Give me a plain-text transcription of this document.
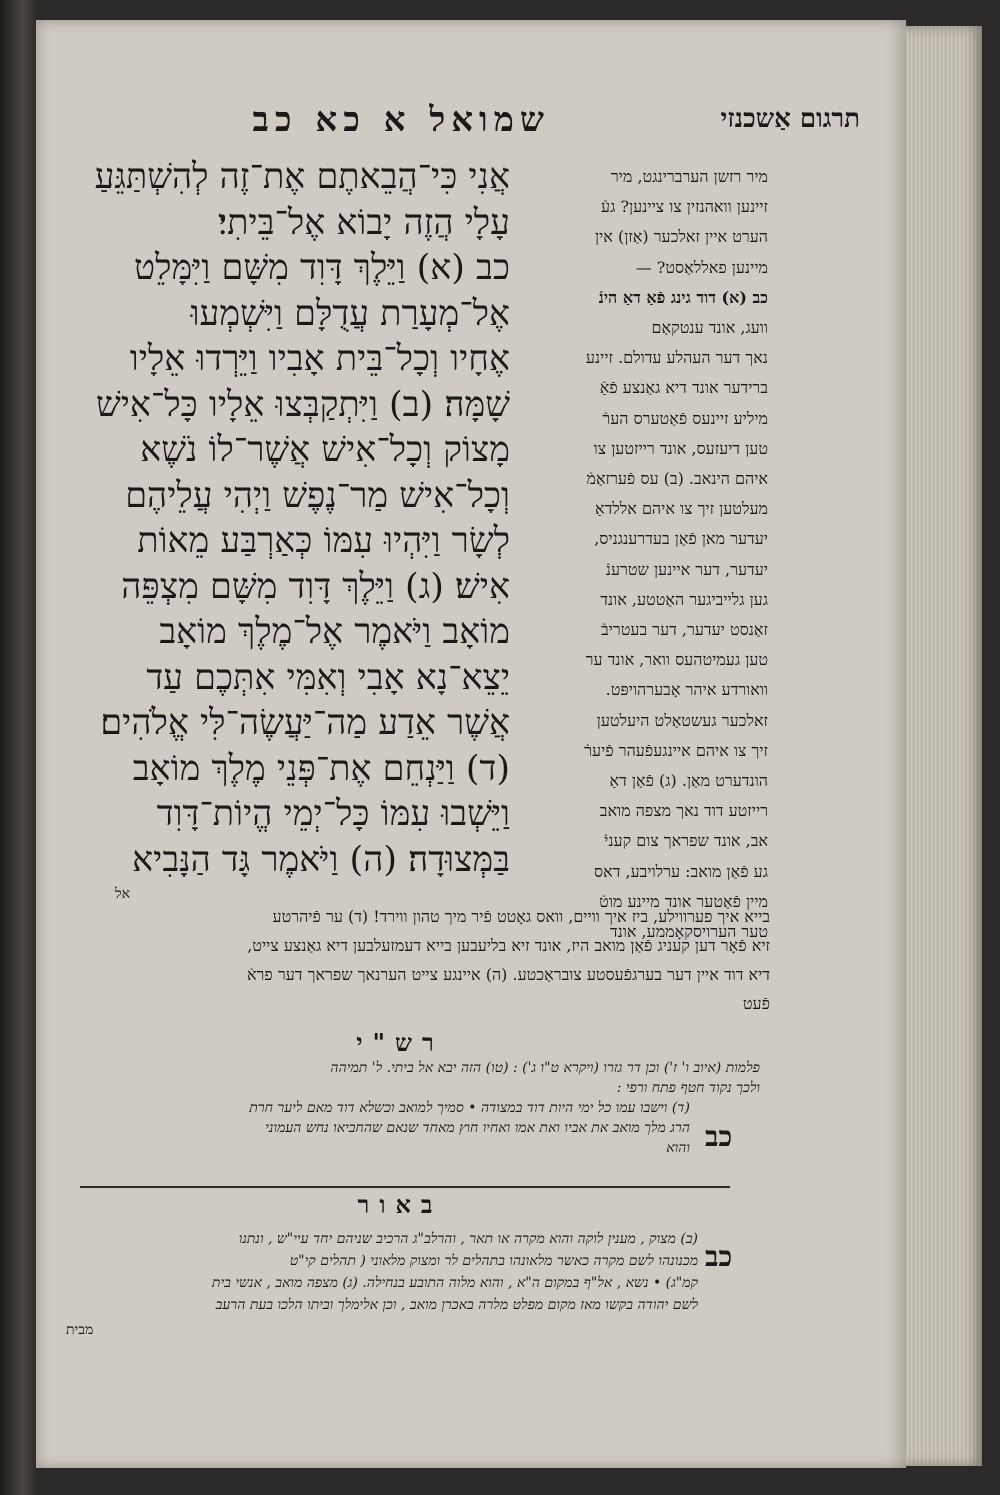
תרגום אַשכנזי
שמואל א כא כב
אֲנִי כִּי־הֲבֵאתֶם אֶת־זֶה לְהִשְׁתַּגֵּעַ
עָלָי הֲזֶה יָבוֹא אֶל־בֵּיתִי׃
כב (א) וַיֵּלֶךְ דָּוִד מִשָּׁם וַיִּמָּלֵט
אֶל־מְעָרַת עֲדֻלָּם וַיִּשְׁמְעוּ
אֶחָיו וְכָל־בֵּית אָבִיו וַיֵּרְדוּ אֵלָיו
שָׁמָּה׃ (ב) וַיִּתְקַבְּצוּ אֵלָיו כָּל־אִישׁ
מָצוֹק וְכָל־אִישׁ אֲשֶׁר־לוֹ נֹשֶׁא
וְכָל־אִישׁ מַר־נֶפֶשׁ וַיְהִי עֲלֵיהֶם
לְשָׂר וַיִּהְיוּ עִמּוֹ כְּאַרְבַּע מֵאוֹת
אִישׁ׃ (ג) וַיֵּלֶךְ דָּוִד מִשָּׁם מִצְפֵּה
מוֹאָב וַיֹּאמֶר אֶל־מֶלֶךְ מוֹאָב
יֵצֵא־נָא אָבִי וְאִמִּי אִתְּכֶם עַד
אֲשֶׁר אֵדַע מַה־יַּעֲשֶׂה־לִּי אֱלֹהִים׃
(ד) וַיַּנְחֵם אֶת־פְּנֵי מֶלֶךְ מוֹאָב
וַיֵּשְׁבוּ עִמּוֹ כָּל־יְמֵי הֱיוֹת־דָּוִד
בַּמְּצוּדָה׃ (ה) וַיֹּאמֶר גָּד הַנָּבִיא
אל
מיר רזשן הערברינגט, מיר
זיינען וואהנזין צו ציינען? געֿ
הערט איין זאלכער (אַזן) אין
מיינען פאללאַסט? —
כב (א) דוד גינג פֿאַ דאַ הינֿ
וועג, אונד ענטקאַם
נאך דער העהלע עדולם. זיינע
ברידער אונד דיא גאַנצע פֿאַֿ
מיליע זיינעס פֿאַטערס הערֿ
טען דיעזעס, אונד רייזטען צו
איהם הינאב. (ב) עס פֿערזאַמֿ
מעלטען זיך צו איהם אללדאַ
יעדער מאן פֿאַן בעדרענגניס,
יעדער, דער איינען שטרענֿ
גען גלייביגער האַטטע, אונד
זאַנסט יעדער, דער בעטריבֿ
טען געמיטהעס וואר, אונד ער
וואורדע איהר אָבערהויפּט.
זאלכער געשטאַלט היעלטען
זיך צו איהם איינגעפֿעהר פֿיערֿ
הונדערט מאַן. (ג) פֿאַן דאַ
רייזטע דוד נאך מצפה מואב
אב, אונד שפראך צום קעניֿ
גע פֿאַן מואב: ערלויבע, דאס
מיין פֿאַטער אונד מיינע מוטֿ
טער הערויסקאָממע, אונד
בייא איך פערווילע, ביז איך וויים, וואס גאָטט פֿיר מיך טהון ווירד! (ד) ער פֿיהרטע
זיא פֿאָר דען קעניג פֿאַן מואב היז, אונד זיא בליעבען בייא דעמזעלבען דיא גאַנצע צייט,
דיא דוד איין דער בערגפֿעסטע צובראַכטע. (ה) איינגע צייט הערנאך שפראך דער פראֿ
פֿעט
רש"י
כב
פלמות (איוב ו' ז') וכן דר גזרו (ויקרא ט"ו ג') : (טו) הזה יבא אל ביתי. ל' תמיהה
ולכך נקוד חטף פתח ורפי :
(ד) וישבו עמו כל ימי היות דוד במצודה • סמיך למואב וכשלא דוד מאם ליער חרת
הרג מלך מואב את אביו ואת אמו ואחיו חוץ מאחד שנאם שהחביאו נחש העמוני
והוא
באור
כב
(ב) מצוק , מענין לוקה והוא מקרה או תאר , והרלב"ג הרכיב שניהם יחד עיי"ש , ונתנו
מכנונהו לשם מקרה כאשר מלאונהו בתהלים לר ומצוק מלאוני ( תהלים קי"ט
קמ"ג) • נשא , אל"ף במקום ה"א , והוא מלוה התובע בנחילה. (ג) מצפה מואב , אנשי בית
לשם יהודה בקשו מאז מקום מפלט מלרה באכרן מואב , וכן אלימלך וביתו הלכו בעת הרעב
מבית
